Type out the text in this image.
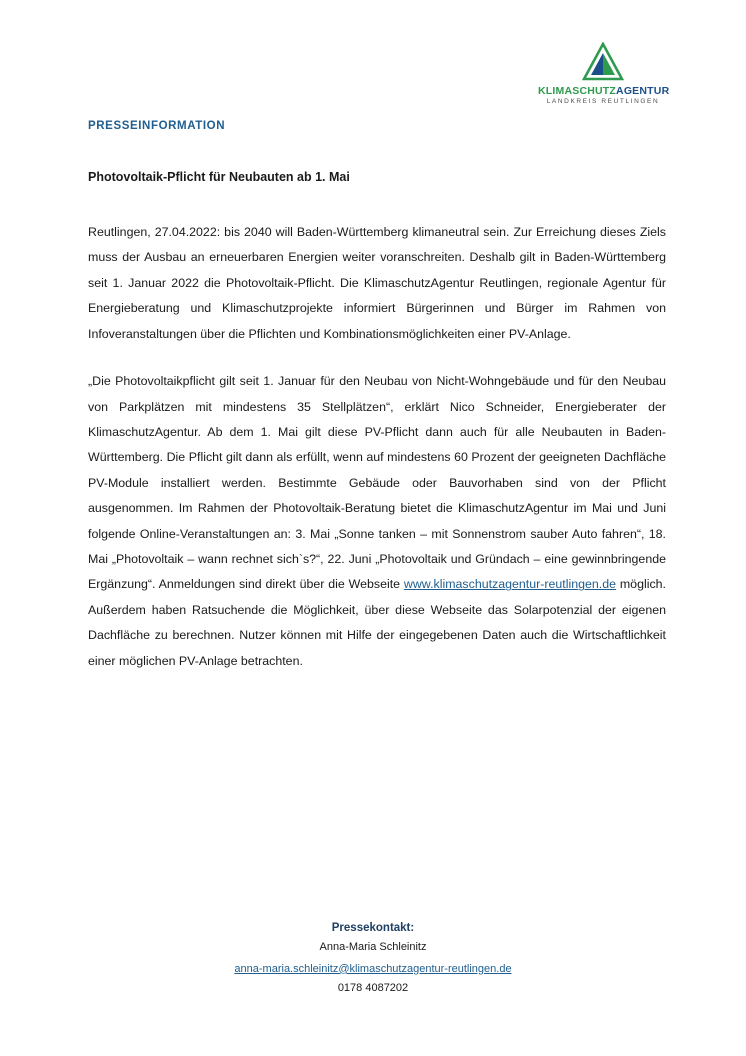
KLIMASCHUTZAGENTUR
LANDKREIS REUTLINGEN
PRESSEINFORMATION
Photovoltaik-Pflicht für Neubauten ab 1. Mai

Reutlingen, 27.04.2022: bis 2040 will Baden-Württemberg klimaneutral sein. Zur Erreichung dieses Ziels muss der Ausbau an erneuerbaren Energien weiter voranschreiten. Deshalb gilt in Baden-Württemberg seit 1. Januar 2022 die Photovoltaik-Pflicht. Die KlimaschutzAgentur Reutlingen, regionale Agentur für Energieberatung und Klimaschutzprojekte informiert Bürgerinnen und Bürger im Rahmen von Infoveranstaltungen über die Pflichten und Kombinationsmöglichkeiten einer PV-Anlage.

„Die Photovoltaikpflicht gilt seit 1. Januar für den Neubau von Nicht-Wohngebäude und für den Neubau von Parkplätzen mit mindestens 35 Stellplätzen“, erklärt Nico Schneider, Energieberater der KlimaschutzAgentur. Ab dem 1. Mai gilt diese PV-Pflicht dann auch für alle Neubauten in Baden-Württemberg. Die Pflicht gilt dann als erfüllt, wenn auf mindestens 60 Prozent der geeigneten Dachfläche PV-Module installiert werden. Bestimmte Gebäude oder Bauvorhaben sind von der Pflicht ausgenommen. Im Rahmen der Photovoltaik-Beratung bietet die KlimaschutzAgentur im Mai und Juni folgende Online-Veranstaltungen an: 3. Mai „Sonne tanken – mit Sonnenstrom sauber Auto fahren“, 18. Mai „Photovoltaik – wann rechnet sich`s?“, 22. Juni „Photovoltaik und Gründach – eine gewinnbringende Ergänzung“. Anmeldungen sind direkt über die Webseite www.klimaschutzagentur-reutlingen.de möglich. Außerdem haben Ratsuchende die Möglichkeit, über diese Webseite das Solarpotenzial der eigenen Dachfläche zu berechnen. Nutzer können mit Hilfe der eingegebenen Daten auch die Wirtschaftlichkeit einer möglichen PV-Anlage betrachten.

Pressekontakt:
Anna-Maria Schleinitz
anna-maria.schleinitz@klimaschutzagentur-reutlingen.de
0178 4087202
